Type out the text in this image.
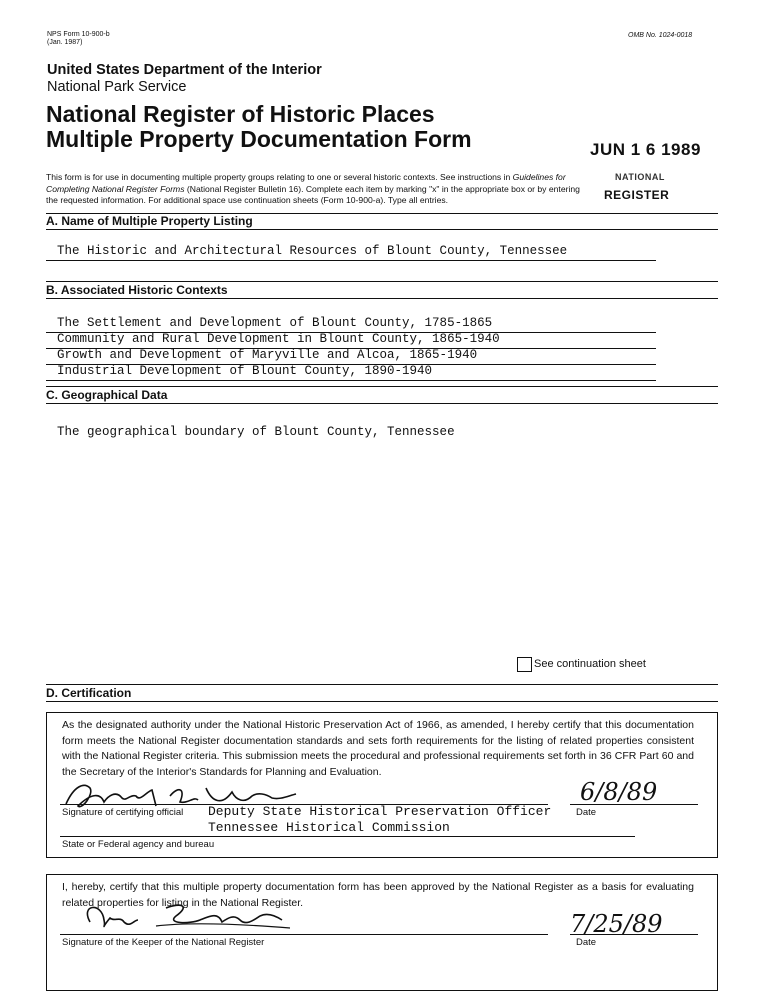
NPS Form 10-900-b
(Jan. 1987)
OMB No. 1024-0018
United States Department of the Interior
National Park Service
National Register of Historic Places
Multiple Property Documentation Form	JUN 1 6 1989
NATIONAL
REGISTER
This form is for use in documenting multiple property groups relating to one or several historic contexts. See instructions in Guidelines for
Completing National Register Forms (National Register Bulletin 16). Complete each item by marking "x" in the appropriate box or by entering
the requested information. For additional space use continuation sheets (Form 10-900-a). Type all entries.
A. Name of Multiple Property Listing
The Historic and Architectural Resources of Blount County, Tennessee
B. Associated Historic Contexts
The Settlement and Development of Blount County, 1785-1865
Community and Rural Development in Blount County, 1865-1940
Growth and Development of Maryville and Alcoa, 1865-1940
Industrial Development of Blount County, 1890-1940
C. Geographical Data
The geographical boundary of Blount County, Tennessee
See continuation sheet
D. Certification
As the designated authority under the National Historic Preservation Act of 1966, as amended, I hereby certify that this documentation form meets the National Register documentation standards and sets forth requirements for the listing of related properties consistent with the National Register criteria. This submission meets the procedural and professional requirements set forth in 36 CFR Part 60 and the Secretary of the Interior's Standards for Planning and Evaluation.
Signature of certifying official Deputy State Historical Preservation Officer
Tennessee Historical Commission
6/8/89
Date
State or Federal agency and bureau
I, hereby, certify that this multiple property documentation form has been approved by the National Register as a basis for evaluating related properties for listing in the National Register.
Signature of the Keeper of the National Register
7/25/89
Date
